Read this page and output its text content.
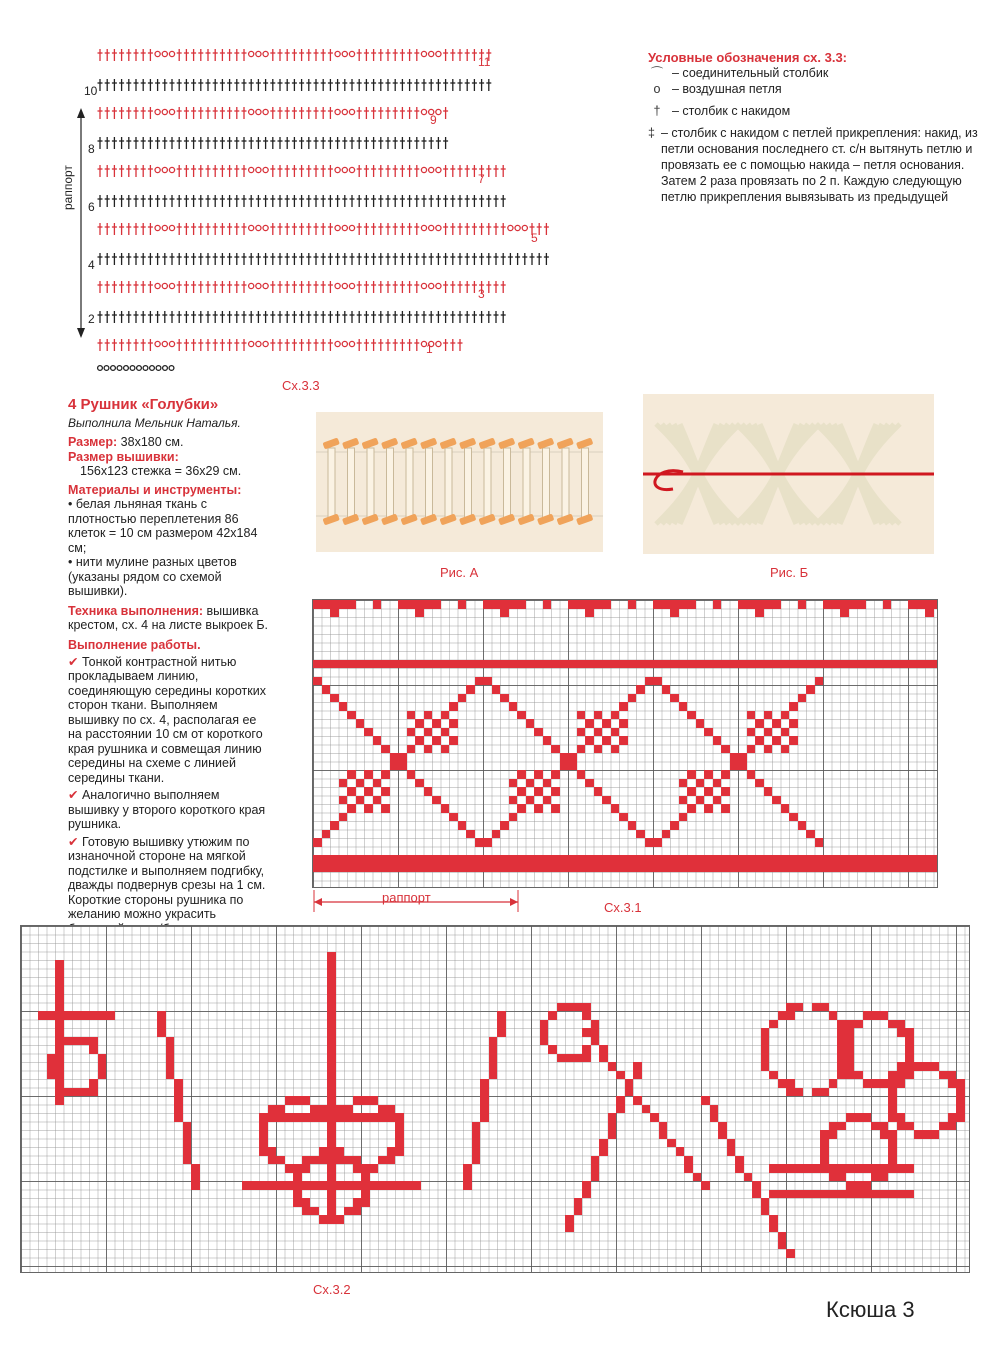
раппорт
11
9
7
5
3
1
10
8
6
4
2
Сх.3.3
Условные обозначения сх. 3.3:
⌒ – соединительный столбик
o – воздушная петля
† – столбик с накидом
‡ – столбик с накидом с петлей прикрепления: накид, из петли основания последнего ст. с/н вытянуть петлю и провязать ее с помощью накида – петля основания. Затем 2 раза провязать по 2 п. Каждую следующую петлю прикрепления вывязывать из предыдущей
4 Рушник «Голубки»
Выполнила Мельник Наталья.
Размер: 38х180 см.
Размер вышивки:
156х123 стежка = 36х29 см.
Материалы и инструменты:
• белая льняная ткань с плотностью переплетения 86 клеток = 10 см размером 42х184 см;
• нити мулине разных цветов (указаны рядом со схемой вышивки).
Техника выполнения: вышивка крестом, сх. 4 на листе выкроек Б.
Выполнение работы.
✔ Тонкой контрастной нитью прокладываем линию, соединяющую середины коротких сторон ткани. Выполняем вышивку по сх. 4, располагая ее на расстоянии 10 см от короткого края рушника и совмещая линию середины на схеме с линией середины ткани.
✔ Аналогично выполняем вышивку у второго короткого края рушника.
✔ Готовую вышивку утюжим по изнаночной стороне на мягкой подстилке и выполняем подгибку, дважды подвернув срезы на 1 см. Короткие стороны рушника по желанию можно украсить
Рис. А	Рис. Б
раппорт
Сх.3.1
Сх.3.2
Ксюша 3
